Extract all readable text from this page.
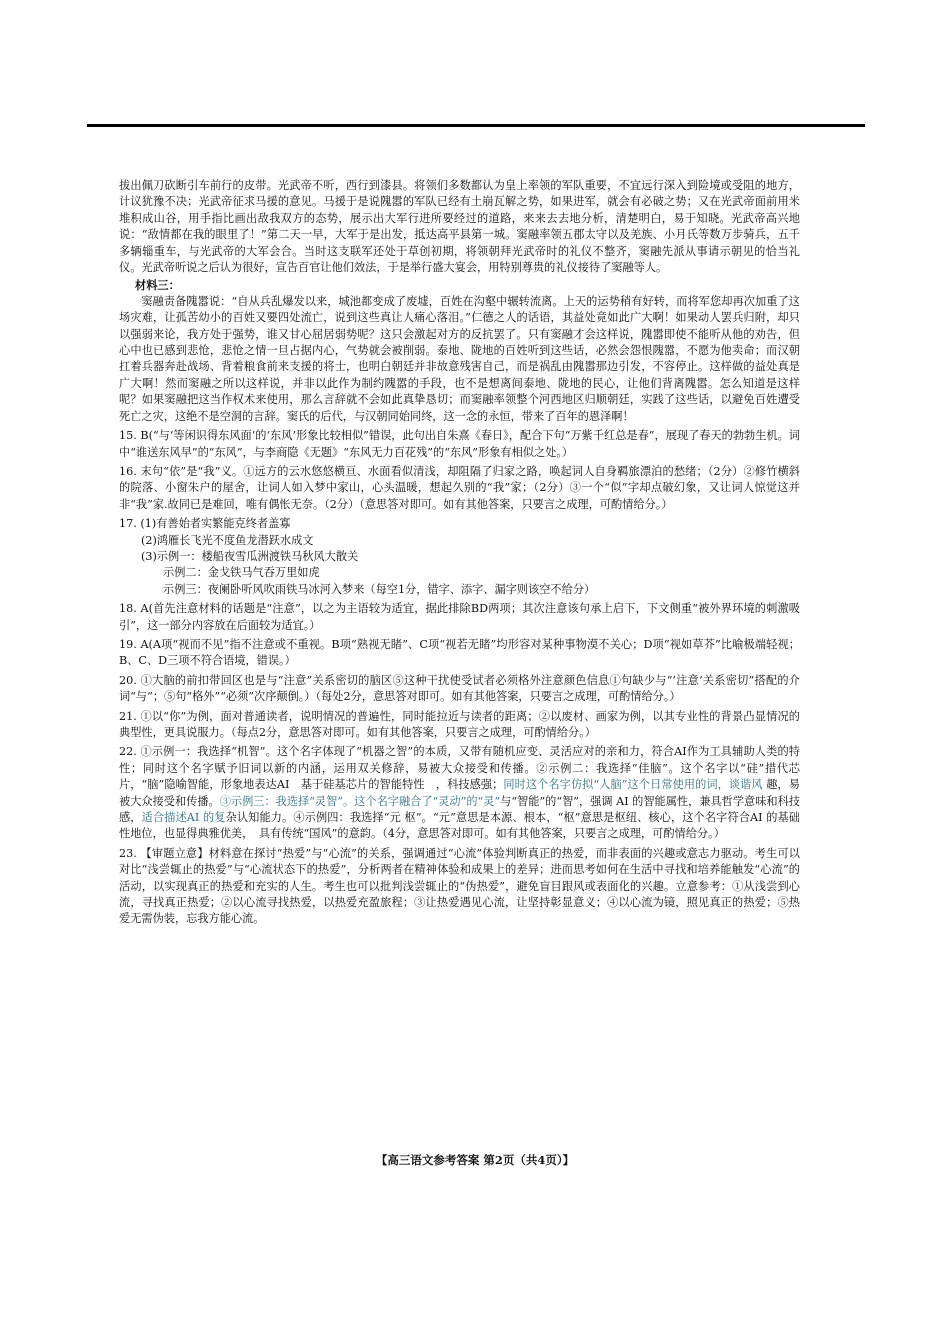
拔出佩刀砍断引车前行的皮带。光武帝不听，西行到漆县。将领们多数都认为皇上率领的军队重要，不宜远行深入到险境或受阻的地方，计议犹豫不决；光武帝征求马援的意见。马援于是说隗嚣的军队已经有土崩瓦解之势，如果进军，就会有必破之势；又在光武帝面前用米堆积成山谷，用手指比画出敌我双方的态势，展示出大军行进所要经过的道路，来来去去地分析，清楚明白，易于知晓。光武帝高兴地说：“敌情都在我的眼里了！”第二天一早，大军于是出发，抵达高平县第一城。窦融率领五郡太守以及羌族、小月氏等数万步骑兵，五千多辆辎重车，与光武帝的大军会合。当时这支联军还处于草创初期，将领朝拜光武帝时的礼仪不整齐，窦融先派从事请示朝见的恰当礼仪。光武帝听说之后认为很好，宣告百官让他们效法，于是举行盛大宴会，用特别尊贵的礼仪接待了窦融等人。

材料三：

窦融责备隗嚣说：“自从兵乱爆发以来，城池都变成了废墟，百姓在沟壑中辗转流离。上天的运势稍有好转，而将军您却再次加重了这场灾难，让孤苦幼小的百姓又要四处流亡，说到这些真让人痛心落泪。”仁德之人的话语，其益处竟如此广大啊！如果动人罢兵归附，却只以强弱来论，我方处于强势，谁又甘心屈居弱势呢？这只会激起对方的反抗罢了。只有窦融才会这样说，隗嚣即使不能听从他的劝告，但心中也已感到悲怆，悲怆之情一旦占据内心，气势就会被削弱。泰地、陇地的百姓听到这些话，必然会怨恨隗嚣，不愿为他卖命；而汉朝扛着兵器奔赴战场、背着粮食前来支援的将士，也明白朝廷并非故意残害自己，而是祸乱由隗嚣那边引发，不容停止。这样做的益处真是广大啊！然而窦融之所以这样说，并非以此作为制约隗嚣的手段，也不是想离间泰地、陇地的民心，让他们背离隗嚣。怎么知道是这样呢？如果窦融把这当作权术来使用，那么言辞就不会如此真挚恳切；而窦融率领整个河西地区归顺朝廷，实践了这些话，以避免百姓遭受死亡之灾，这绝不是空洞的言辞。窦氏的后代，与汉朝同始同终，这一念的永恒，带来了百年的恩泽啊！

15. B(“与‘等闲识得东风面’的‘东风’形象比较相似”错误，此句出自朱熹《春日》，配合下句“万紫千红总是春”，展现了春天的勃勃生机。词中“谁送东风早”的“东风”，与李商隐《无题》“东风无力百花残”的“东风”形象有相似之处。）

16. 末句“依”是“我”义。①远方的云水悠悠横亘、水面看似清浅，却阻隔了归家之路，唤起词人自身羁旅漂泊的愁绪；（2分）②修竹横斜的院落、小窗朱户的屋舍，让词人如入梦中家山，心头温暖，想起久别的“我”家；（2分）③一个“似”字却点破幻象，又让词人惊觉这并非“我”家.故同已是难回，唯有偶怅无奈。（2分）（意思答对即可。如有其他答案，只要言之成理，可酌情给分。）

17. (1)有善始者实繁能克终者盖寡

(2)鸿雁长飞光不度鱼龙潜跃水成文

(3)示例一：楼船夜雪瓜洲渡铁马秋风大散关

示例二：金戈铁马气吞万里如虎

示例三：夜阑卧听风吹雨铁马冰河入梦来（每空1分，错字、添字、漏字则该空不给分）

18. A(首先注意材料的话题是“注意”，以之为主语较为适宜，据此排除BD两项；其次注意该句承上启下，下文侧重“被外界环境的刺激吸引”，这一部分内容放在后面较为适宜。）

19. A(A项“视而不见”指不注意或不重视。B项“熟视无睹”、C项“视若无睹”均形容对某种事物漠不关心；D项“视如草芥”比喻极端轻视；B、C、D三项不符合语境，错误。）

20. ①大脑的前扣带回区也是与“注意”关系密切的脑区⑤这种干扰使受试者必须格外注意颜色信息①句缺少与“‘注意’关系密切”搭配的介词“与”；⑤句“格外”“必须”次序颠倒。）（每处2分，意思答对即可。如有其他答案，只要言之成理，可酌情给分。）

21. ①以“你”为例，面对普通读者，说明情况的普遍性，同时能拉近与读者的距离；②以废材、画家为例，以其专业性的背景凸显情况的典型性，更具说服力。（每点2分，意思答对即可。如有其他答案，只要言之成理，可酌情给分。）

22. ①示例一：我选择“机智”。这个名字体现了“机器之智”的本质，又带有随机应变、灵活应对的亲和力，符合AI作为工具辅助人类的特性；同时这个名字赋予旧词以新的内涵，运用双关修辞，易被大众接受和传播。②示例二：我选择“佳脑”。这个名字以“硅”措代芯片，“脑”隐喻智能，形象地表达AI　基于硅基芯片的智能特性　，科技感强；同时这个名字仿拟“人脑”这个日常使用的词，谈谐风 趣，易被大众接受和传播。③示例三：我选择“灵智”。这个名字融合了“灵动”的“灵”与“智能”的“智”，强调 AI 的智能属性，兼具哲学意味和科技感，适合描述AI 的复杂认知能力。④示例四：我选择“元 枢”。“元”意思是本源、根本，“枢”意思是枢纽、核心，这个名字符合AI 的基础性地位，也显得典雅优美，　具有传统“国风”的意韵。（4分，意思答对即可。如有其他答案，只要言之成理，可酌情给分。）

23. 【审题立意】材料意在探讨“热爱”与“心流”的关系，强调通过“心流”体验判断真正的热爱，而非表面的兴趣或意志力驱动。考生可以对比“浅尝辄止的热爱”与“心流状态下的热爱”，分析两者在精神体验和成果上的差异；进而思考如何在生活中寻找和培养能触发“心流”的活动，以实现真正的热爱和充实的人生。考生也可以批判浅尝辄止的“伪热爱”，避免盲目跟风或表面化的兴趣。立意参考：①从浅尝到心流，寻找真正热爱；②以心流寻找热爱，以热爱充盈旅程；③让热爱遇见心流，让坚持彰显意义；④以心流为镜，照见真正的热爱；⑤热爱无需伪装，忘我方能心流。

【高三语文参考答案 第2页（共4页）】
